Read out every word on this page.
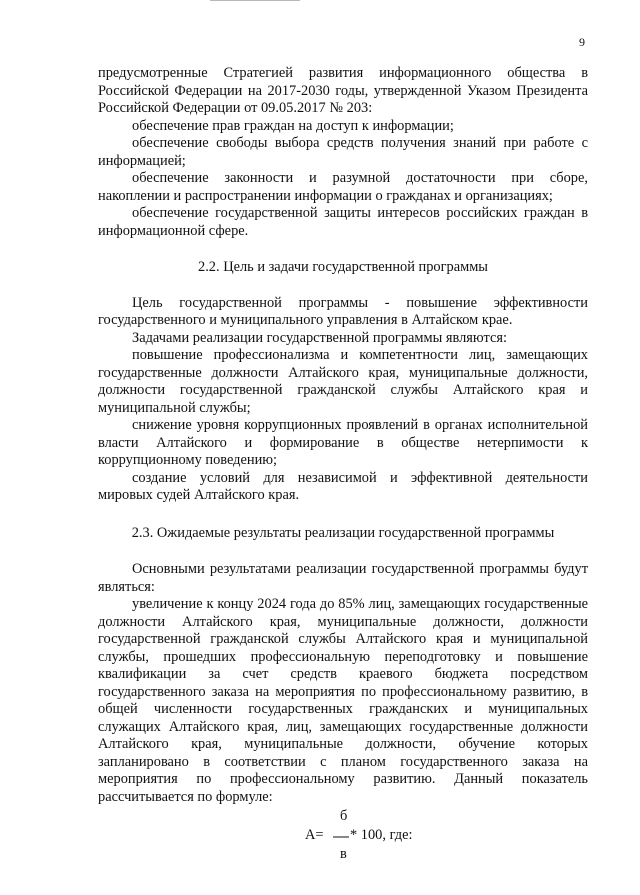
9

предусмотренные Стратегией развития информационного общества в Российской Федерации на 2017-2030 годы, утвержденной Указом Президента Российской Федерации от 09.05.2017 № 203:

обеспечение прав граждан на доступ к информации;

обеспечение свободы выбора средств получения знаний при работе с информацией;

обеспечение законности и разумной достаточности при сборе, накоплении и распространении информации о гражданах и организациях;

обеспечение государственной защиты интересов российских граждан в информационной сфере.

2.2. Цель и задачи государственной программы

Цель государственной программы - повышение эффективности государственного и муниципального управления в Алтайском крае.

Задачами реализации государственной программы являются:

повышение профессионализма и компетентности лиц, замещающих государственные должности Алтайского края, муниципальные должности, должности государственной гражданской службы Алтайского края и муниципальной службы;

снижение уровня коррупционных проявлений в органах исполнительной власти Алтайского и формирование в обществе нетерпимости к коррупционному поведению;

создание условий для независимой и эффективной деятельности мировых судей Алтайского края.

2.3. Ожидаемые результаты реализации государственной программы

Основными результатами реализации государственной программы будут являться:

увеличение к концу 2024 года до 85% лиц, замещающих государственные должности Алтайского края, муниципальные должности, должности государственной гражданской службы Алтайского края и муниципальной службы, прошедших профессиональную переподготовку и повышение квалификации за счет средств краевого бюджета посредством государственного заказа на мероприятия по профессиональному развитию, в общей численности государственных гражданских и муниципальных служащих Алтайского края, лиц, замещающих государственные должности Алтайского края, муниципальные должности, обучение которых запланировано в соответствии с планом государственного заказа на мероприятия по профессиональному развитию. Данный показатель рассчитывается по формуле:

б
А= * 100, где:
в
